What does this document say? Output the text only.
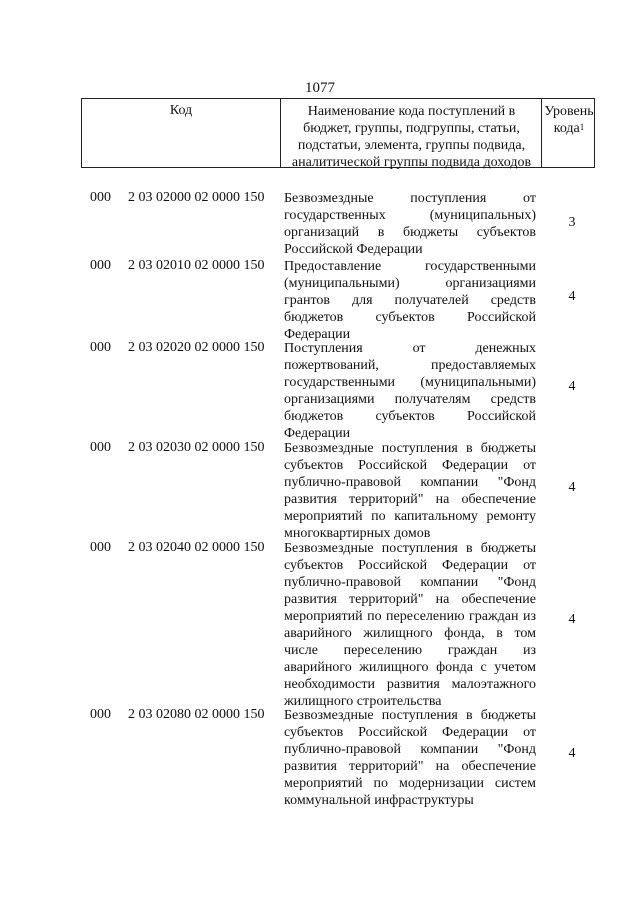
1077
Код	Наименование кода поступлений в
бюджет, группы, подгруппы, статьи,
подстатьи, элемента, группы подвида,
аналитической группы подвида доходов
Уровень
кода$^1$
000 2 03 02000 02 0000 150 Безвозмездные поступления от государственных (муниципальных) организаций в бюджеты субъектов Российской Федерации
3
000 2 03 02010 02 0000 150 Предоставление государственными (муниципальными) организациями грантов для получателей средств бюджетов субъектов Российской Федерации
4
000 2 03 02020 02 0000 150 Поступления от денежных пожертвований, предоставляемых государственными (муниципальными) организациями получателям средств бюджетов субъектов Российской Федерации
4
000 2 03 02030 02 0000 150 Безвозмездные поступления в бюджеты субъектов Российской Федерации от публично-правовой компании "Фонд развития территорий" на обеспечение мероприятий по капитальному ремонту многоквартирных домов
4
000 2 03 02040 02 0000 150 Безвозмездные поступления в бюджеты субъектов Российской Федерации от публично-правовой компании "Фонд развития территорий" на обеспечение мероприятий по переселению граждан из аварийного жилищного фонда, в том числе переселению граждан из аварийного жилищного фонда с учетом необходимости развития малоэтажного жилищного строительства
4
000 2 03 02080 02 0000 150 Безвозмездные поступления в бюджеты субъектов Российской Федерации от публично-правовой компании "Фонд развития территорий" на обеспечение мероприятий по модернизации систем коммунальной инфраструктуры
4
